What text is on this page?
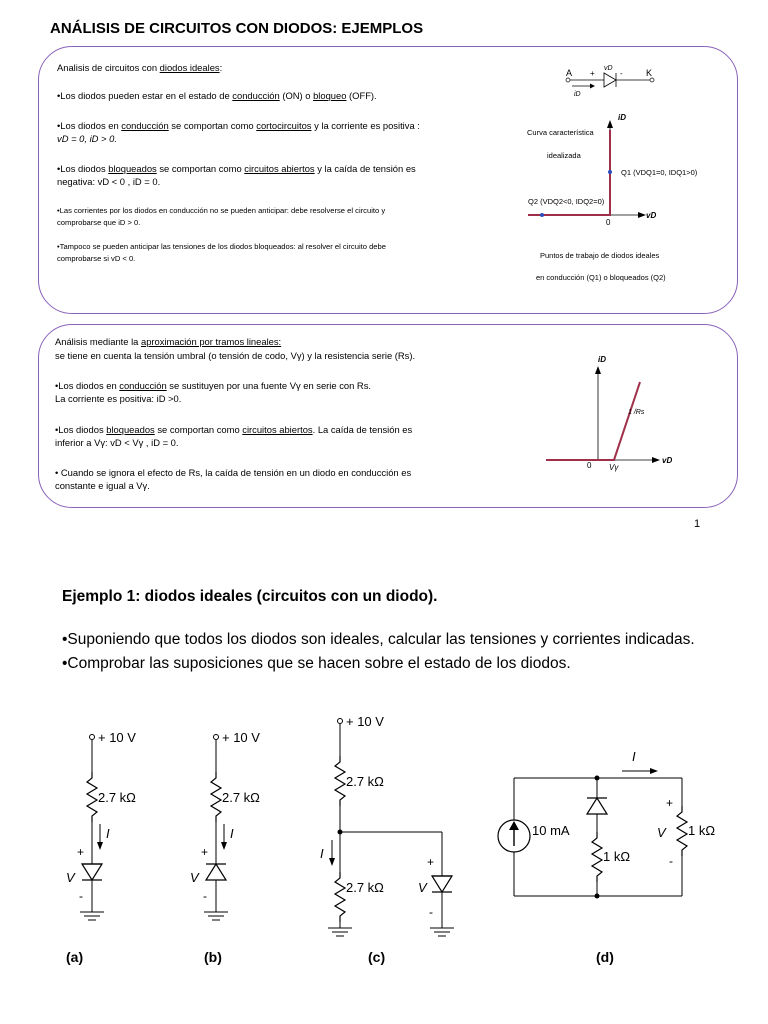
ANÁLISIS DE CIRCUITOS CON DIODOS: EJEMPLOS
Analisis de circuitos con diodos ideales:
•Los diodos pueden estar en el estado de conducción (ON) o bloqueo (OFF).
•Los diodos en conducción se comportan como cortocircuitos y la corriente es positiva :
vD = 0, iD > 0.
•Los diodos bloqueados se comportan como circuitos abiertos y la caída de tensión es
negativa: vD < 0 , iD = 0.
•Las corrientes por los diodos en conducción no se pueden anticipar: debe resolverse el circuito y
comprobarse que iD > 0.
•Tampoco se pueden anticipar las tensiones de los diodos bloqueados: al resolver el circuito debe
comprobarse si vD < 0.
A	K
+	-
vD
iD
iD
vD
0
Curva característica
idealizada
Q1 (VDQ1=0, IDQ1>0)
Q2 (VDQ2<0, IDQ2=0)
Puntos de trabajo de diodos ideales
en conducción (Q1) o bloqueados (Q2)
Análisis mediante la aproximación por tramos lineales:
se tiene en cuenta la tensión umbral (o tensión de codo, Vγ) y la resistencia serie (Rs).
•Los diodos en conducción se sustituyen por una fuente Vγ en serie con Rs.
La corriente es positiva: iD >0.
•Los diodos bloqueados se comportan como circuitos abiertos. La caída de tensión es
inferior a Vγ: vD < Vγ , iD = 0.
• Cuando se ignora el efecto de Rs, la caída de tensión en un diodo en conducción es
constante e igual a Vγ.
iD
vD
0 Vγ
1 /Rs
1
Ejemplo 1: diodos ideales (circuitos con un diodo).
•Suponiendo que todos los diodos son ideales, calcular las tensiones y corrientes indicadas.
•Comprobar las suposiciones que se hacen sobre el estado de los diodos.
+ 10 V
2.7 kΩ
I
+
V
-
(a)
+ 10 V
2.7 kΩ
I
+
V
-
(b)
+ 10 V
2.7 kΩ
2.7 kΩ
I
+
V
-
(c)
10 mA
1 kΩ
1 kΩ
I
+
V
-
(d)
